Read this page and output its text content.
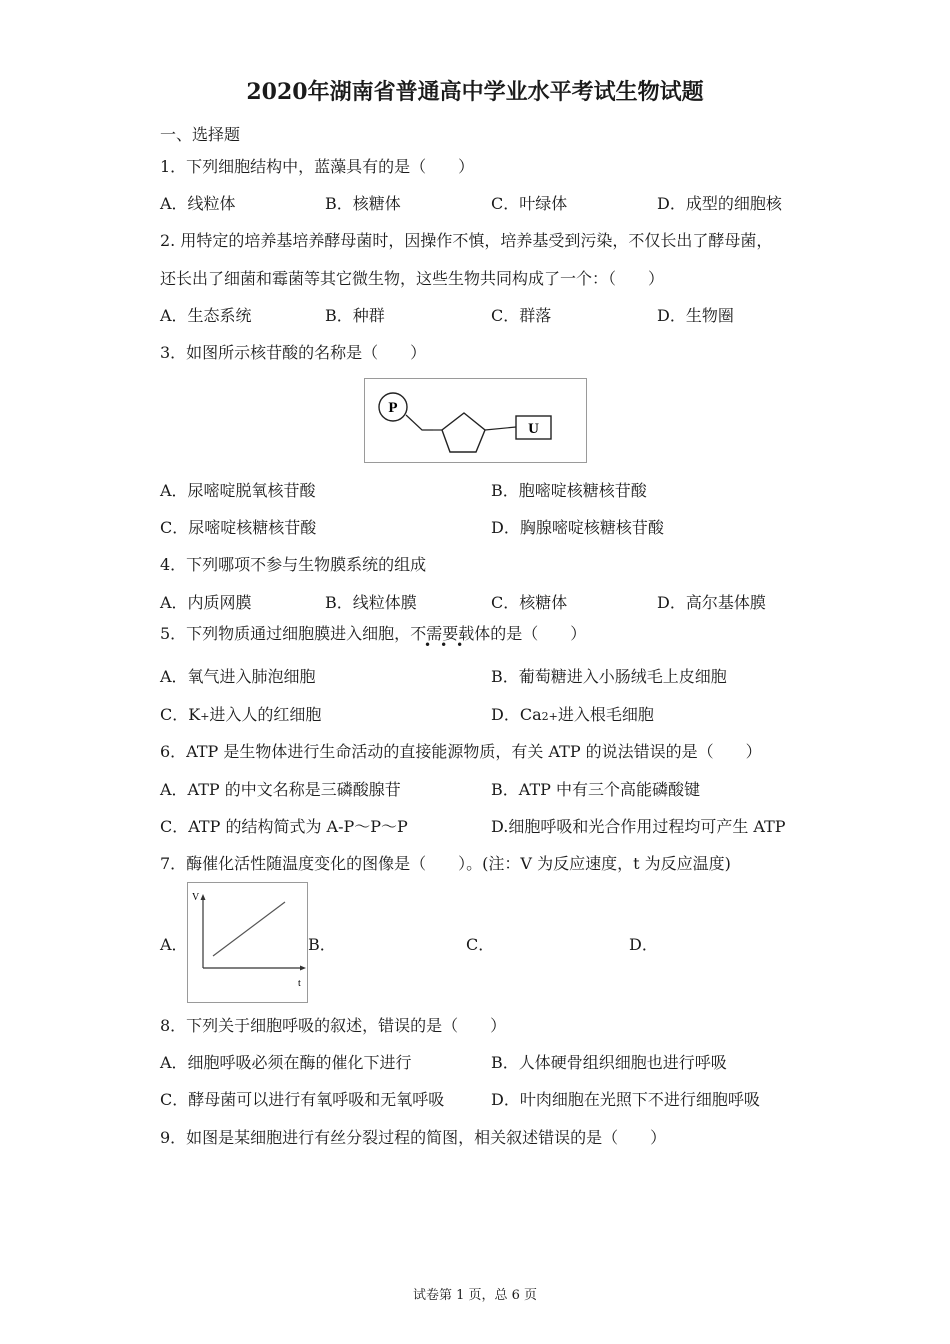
2020年湖南省普通高中学业水平考试生物试题
一、选择题
1．下列细胞结构中，蓝藻具有的是（　　）
A．线粒体	B．核糖体	C．叶绿体	D．成型的细胞核
2. 用特定的培养基培养酵母菌时，因操作不慎，培养基受到污染，不仅长出了酵母菌，
还长出了细菌和霉菌等其它微生物，这些生物共同构成了一个：（　　）
A．生态系统	B．种群	C．群落	D．生物圈
3．如图所示核苷酸的名称是（　　）
P
U
A．尿嘧啶脱氧核苷酸	B．胞嘧啶核糖核苷酸
C．尿嘧啶核糖核苷酸	D．胸腺嘧啶核糖核苷酸
4．下列哪项不参与生物膜系统的组成
A．内质网膜	B．线粒体膜	C．核糖体	D．高尔基体膜
5．下列物质通过细胞膜进入细胞，不需要载体的是（　　）
•••
A．氧气进入肺泡细胞	B．葡萄糖进入小肠绒毛上皮细胞
C．K+进入人的红细胞	D．Ca2+进入根毛细胞
6．ATP 是生物体进行生命活动的直接能源物质，有关 ATP 的说法错误的是（　　）
A．ATP 的中文名称是三磷酸腺苷	B．ATP 中有三个高能磷酸键
C．ATP 的结构简式为 A-P～P～P	D.细胞呼吸和光合作用过程均可产生 ATP
7．酶催化活性随温度变化的图像是（　　）。(注：V 为反应速度，t 为反应温度)
A．
V
t
B．	C．	D．
8．下列关于细胞呼吸的叙述，错误的是（　　）
A．细胞呼吸必须在酶的催化下进行	B．人体硬骨组织细胞也进行呼吸
C．酵母菌可以进行有氧呼吸和无氧呼吸	D．叶肉细胞在光照下不进行细胞呼吸
9．如图是某细胞进行有丝分裂过程的简图，相关叙述错误的是（　　）
试卷第 1 页，总 6 页
